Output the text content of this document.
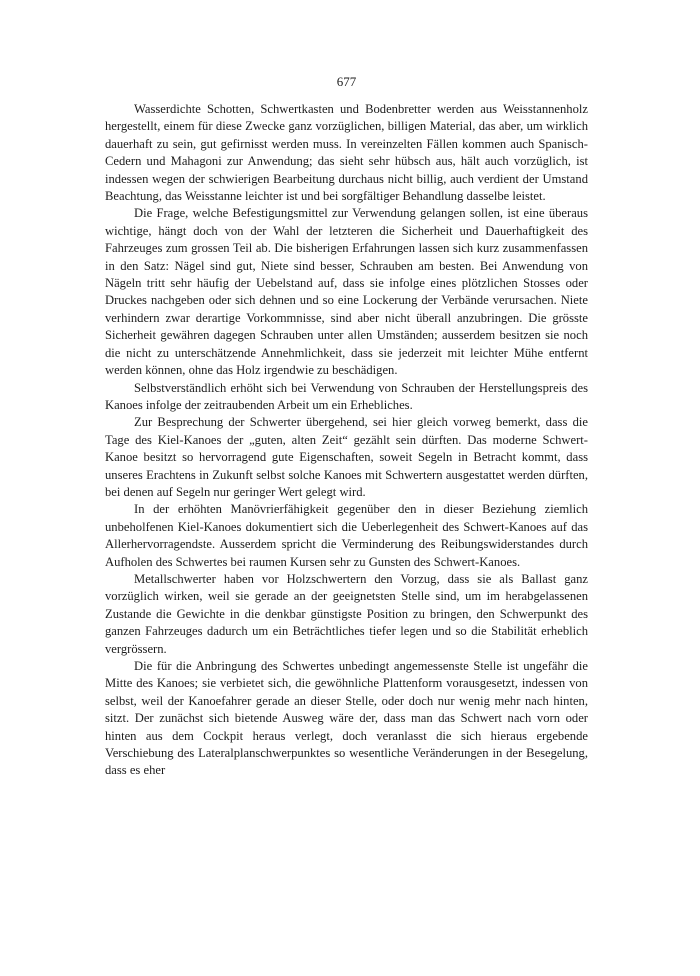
677

Wasserdichte Schotten, Schwertkasten und Bodenbretter werden aus Weisstannenholz hergestellt, einem für diese Zwecke ganz vorzüglichen, billigen Material, das aber, um wirklich dauerhaft zu sein, gut gefirnisst werden muss. In vereinzelten Fällen kommen auch Spanisch-Cedern und Mahagoni zur Anwendung; das sieht sehr hübsch aus, hält auch vorzüglich, ist indessen wegen der schwierigen Bearbeitung durchaus nicht billig, auch verdient der Umstand Beachtung, das Weisstanne leichter ist und bei sorgfältiger Behandlung dasselbe leistet.

Die Frage, welche Befestigungsmittel zur Verwendung gelangen sollen, ist eine überaus wichtige, hängt doch von der Wahl der letzteren die Sicherheit und Dauerhaftigkeit des Fahrzeuges zum grossen Teil ab. Die bisherigen Erfahrungen lassen sich kurz zusammenfassen in den Satz: Nägel sind gut, Niete sind besser, Schrauben am besten. Bei Anwendung von Nägeln tritt sehr häufig der Uebelstand auf, dass sie infolge eines plötzlichen Stosses oder Druckes nachgeben oder sich dehnen und so eine Lockerung der Verbände verursachen. Niete verhindern zwar derartige Vorkommnisse, sind aber nicht überall anzubringen. Die grösste Sicherheit gewähren dagegen Schrauben unter allen Umständen; ausserdem besitzen sie noch die nicht zu unterschätzende Annehmlichkeit, dass sie jederzeit mit leichter Mühe entfernt werden können, ohne das Holz irgendwie zu beschädigen.

Selbstverständlich erhöht sich bei Verwendung von Schrauben der Herstellungspreis des Kanoes infolge der zeitraubenden Arbeit um ein Erhebliches.

Zur Besprechung der Schwerter übergehend, sei hier gleich vorweg bemerkt, dass die Tage des Kiel-Kanoes der „guten, alten Zeit“ gezählt sein dürften. Das moderne Schwert-Kanoe besitzt so hervorragend gute Eigenschaften, soweit Segeln in Betracht kommt, dass unseres Erachtens in Zukunft selbst solche Kanoes mit Schwertern ausgestattet werden dürften, bei denen auf Segeln nur geringer Wert gelegt wird.

In der erhöhten Manövrierfähigkeit gegenüber den in dieser Beziehung ziemlich unbeholfenen Kiel-Kanoes dokumentiert sich die Ueberlegenheit des Schwert-Kanoes auf das Allerhervorragendste. Ausserdem spricht die Verminderung des Reibungswiderstandes durch Aufholen des Schwertes bei raumen Kursen sehr zu Gunsten des Schwert-Kanoes.

Metallschwerter haben vor Holzschwertern den Vorzug, dass sie als Ballast ganz vorzüglich wirken, weil sie gerade an der geeignetsten Stelle sind, um im herabgelassenen Zustande die Gewichte in die denkbar günstigste Position zu bringen, den Schwerpunkt des ganzen Fahrzeuges dadurch um ein Beträchtliches tiefer legen und so die Stabilität erheblich vergrössern.

Die für die Anbringung des Schwertes unbedingt angemessenste Stelle ist ungefähr die Mitte des Kanoes; sie verbietet sich, die gewöhnliche Plattenform vorausgesetzt, indessen von selbst, weil der Kanoefahrer gerade an dieser Stelle, oder doch nur wenig mehr nach hinten, sitzt. Der zunächst sich bietende Ausweg wäre der, dass man das Schwert nach vorn oder hinten aus dem Cockpit heraus verlegt, doch veranlasst die sich hieraus ergebende Verschiebung des Lateralplanschwerpunktes so wesentliche Veränderungen in der Besegelung, dass es eher
